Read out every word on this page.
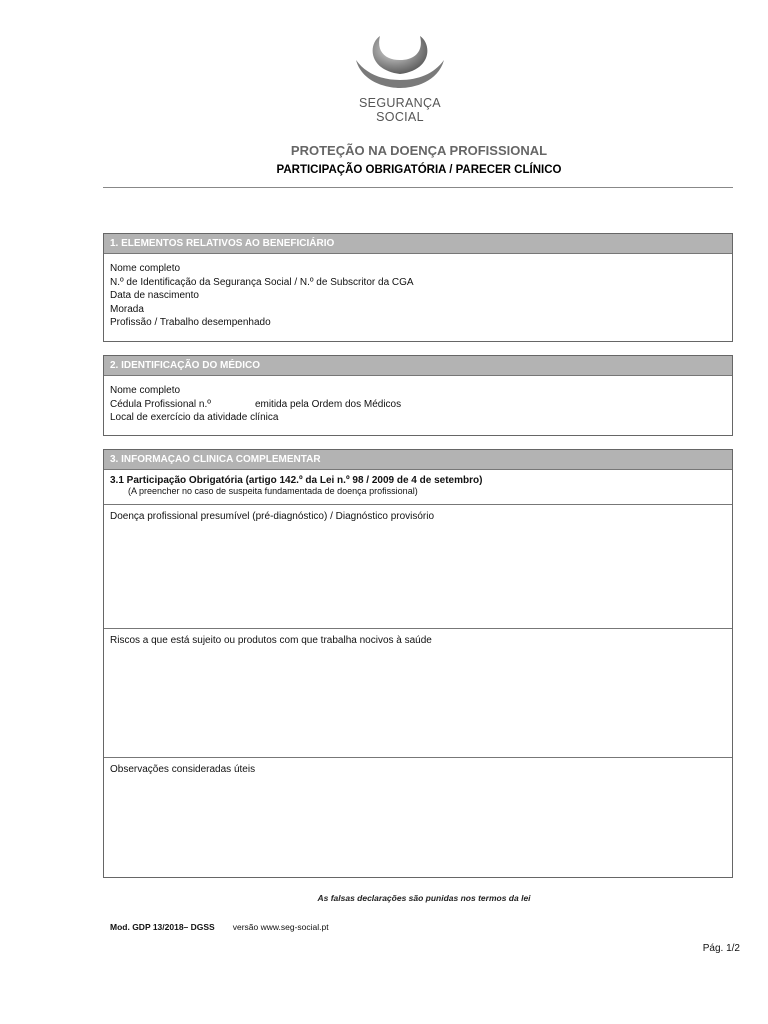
SEGURANÇA SOCIAL
PROTEÇÃO NA DOENÇA PROFISSIONAL
PARTICIPAÇÃO OBRIGATÓRIA / PARECER CLÍNICO
1. ELEMENTOS RELATIVOS AO BENEFICIÁRIO
Nome completo
N.º de Identificação da Segurança Social / N.º de Subscritor da CGA
Data de nascimento
Morada
Profissão / Trabalho desempenhado
2. IDENTIFICAÇÃO DO MÉDICO
Nome completo
Cédula Profissional n.º	emitida pela Ordem dos Médicos
Local de exercício da atividade clínica
3. INFORMAÇAO CLINICA COMPLEMENTAR
3.1 Participação Obrigatória (artigo 142.º da Lei n.º 98 / 2009 de 4 de setembro)
(A preencher no caso de suspeita fundamentada de doença profissional)
Doença profissional presumível (pré-diagnóstico) / Diagnóstico provisório
Riscos a que está sujeito ou produtos com que trabalha nocivos à saúde
Observações consideradas úteis
As falsas declarações são punidas nos termos da lei
Mod. GDP 13/2018– DGSS versão www.seg-social.pt
Pág. 1/2
